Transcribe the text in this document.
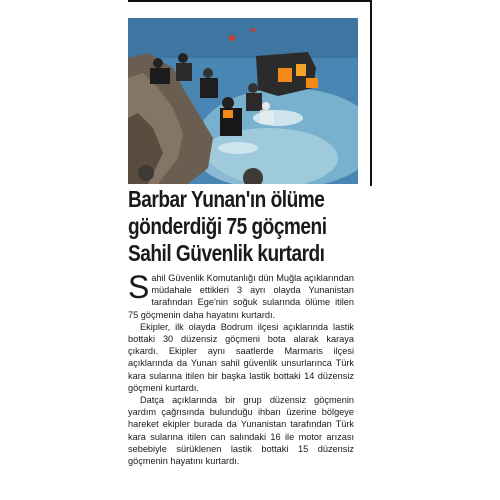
Barbar Yunan'ın ölüme
gönderdiği 75 göçmeni
Sahil Güvenlik kurtardı

Sahil Güvenlik Komutanlığı dün Muğla açıklarından müdahale ettikleri 3 ayrı olayda Yunanistan tarafından Ege'nin soğuk sularında ölüme itilen 75 göçmenin daha hayatını kurtardı.

Ekipler, ilk olayda Bodrum ilçesi açıklarında lastik bottaki 30 düzensiz göçmeni bota alarak karaya çıkardı. Ekipler aynı saatlerde Marmaris ilçesi açıklarında da Yunan sahil güvenlik unsurlarınca Türk kara sularına itilen bir başka lastik bottaki 14 düzensiz göçmeni kurtardı.

Datça açıklarında bir grup düzensiz göçmenin yardım çağrısında bulunduğu ihbarı üzerine bölgeye hareket ekipler burada da Yunanistan tarafından Türk kara sularına itilen can salındaki 16 ile motor arızası sebebiyle sürüklenen lastik bottaki 15 düzensiz göçmenin hayatını kurtardı.
